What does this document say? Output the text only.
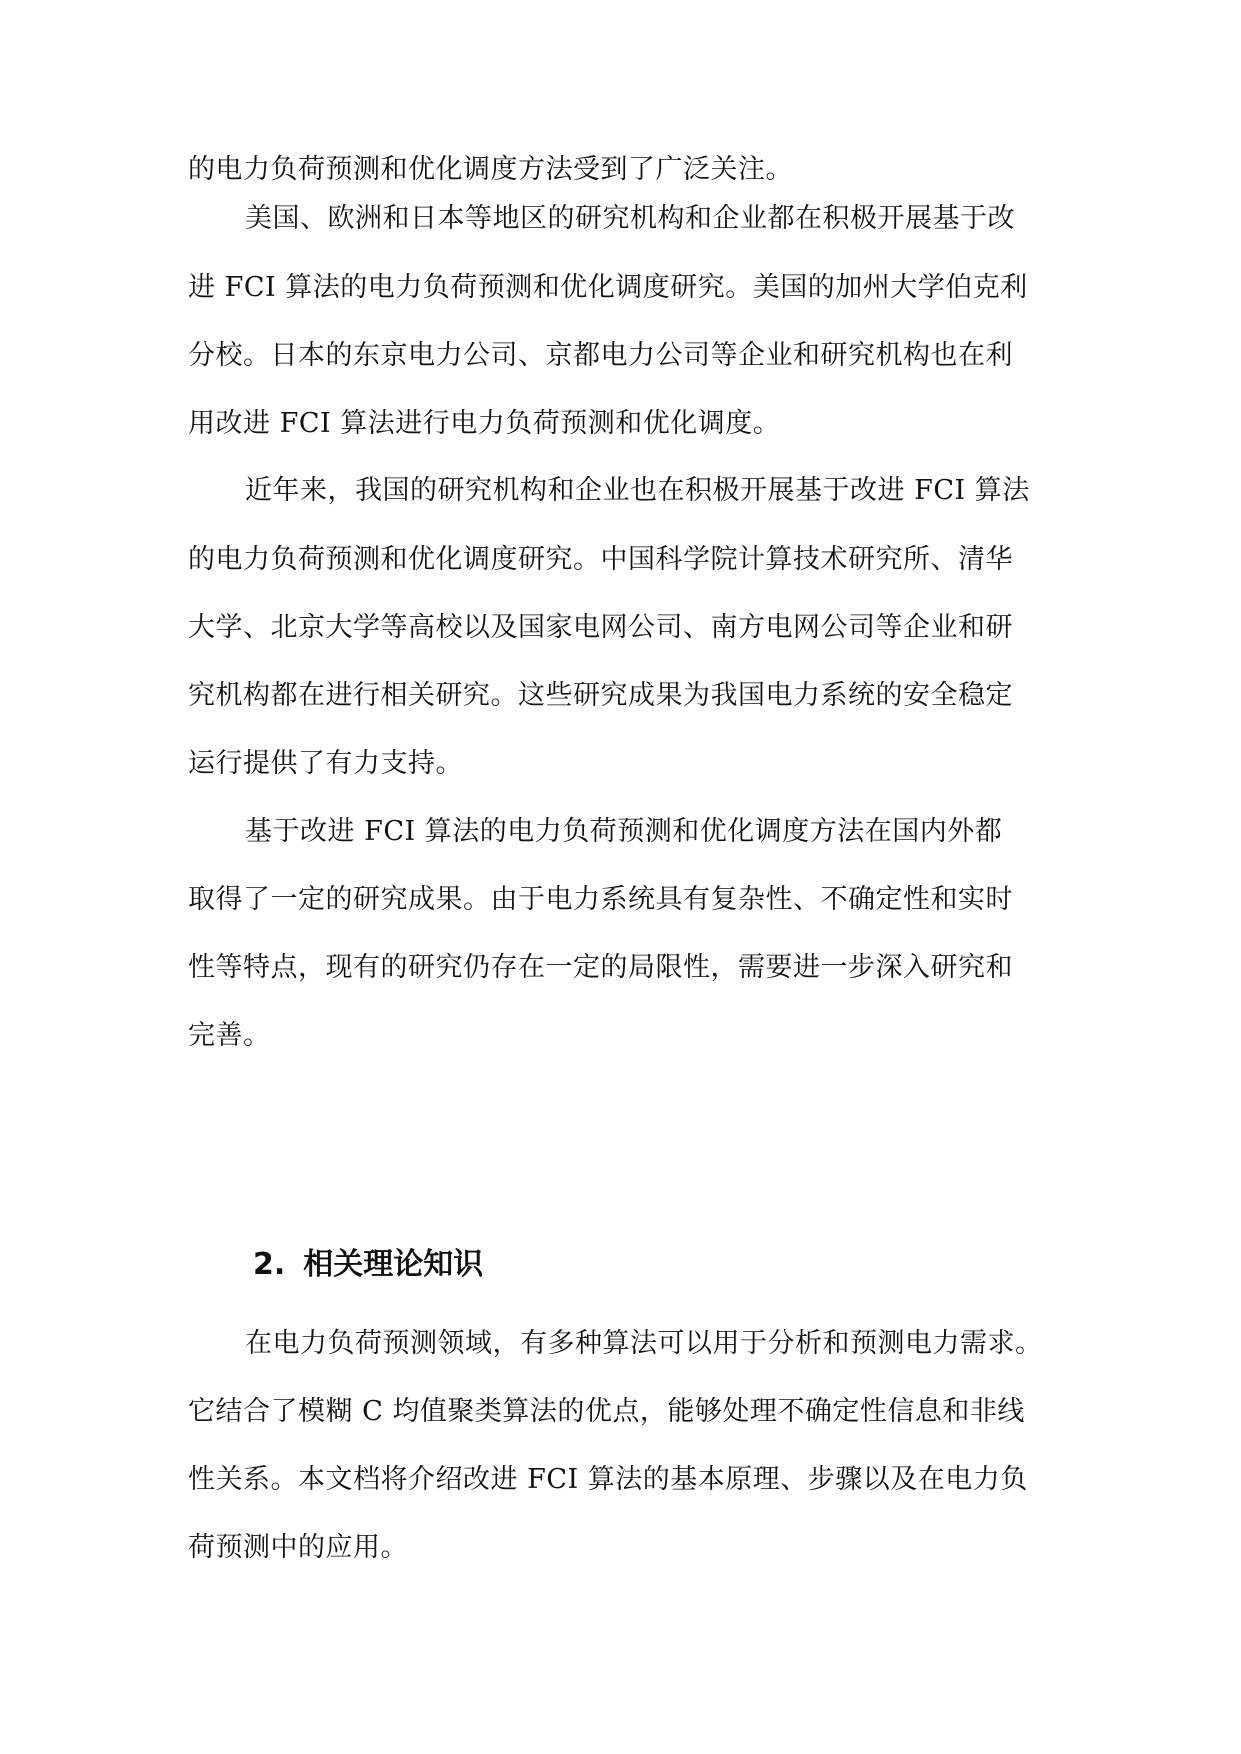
的电力负荷预测和优化调度方法受到了广泛关注。

美国、欧洲和日本等地区的研究机构和企业都在积极开展基于改

进 FCI 算法的电力负荷预测和优化调度研究。美国的加州大学伯克利

分校。日本的东京电力公司、京都电力公司等企业和研究机构也在利

用改进 FCI 算法进行电力负荷预测和优化调度。

近年来，我国的研究机构和企业也在积极开展基于改进 FCI 算法

的电力负荷预测和优化调度研究。中国科学院计算技术研究所、清华

大学、北京大学等高校以及国家电网公司、南方电网公司等企业和研

究机构都在进行相关研究。这些研究成果为我国电力系统的安全稳定

运行提供了有力支持。

基于改进 FCI 算法的电力负荷预测和优化调度方法在国内外都

取得了一定的研究成果。由于电力系统具有复杂性、不确定性和实时

性等特点，现有的研究仍存在一定的局限性，需要进一步深入研究和

完善。

2. 相关理论知识

在电力负荷预测领域，有多种算法可以用于分析和预测电力需求。

它结合了模糊 C 均值聚类算法的优点，能够处理不确定性信息和非线

性关系。本文档将介绍改进 FCI 算法的基本原理、步骤以及在电力负

荷预测中的应用。
